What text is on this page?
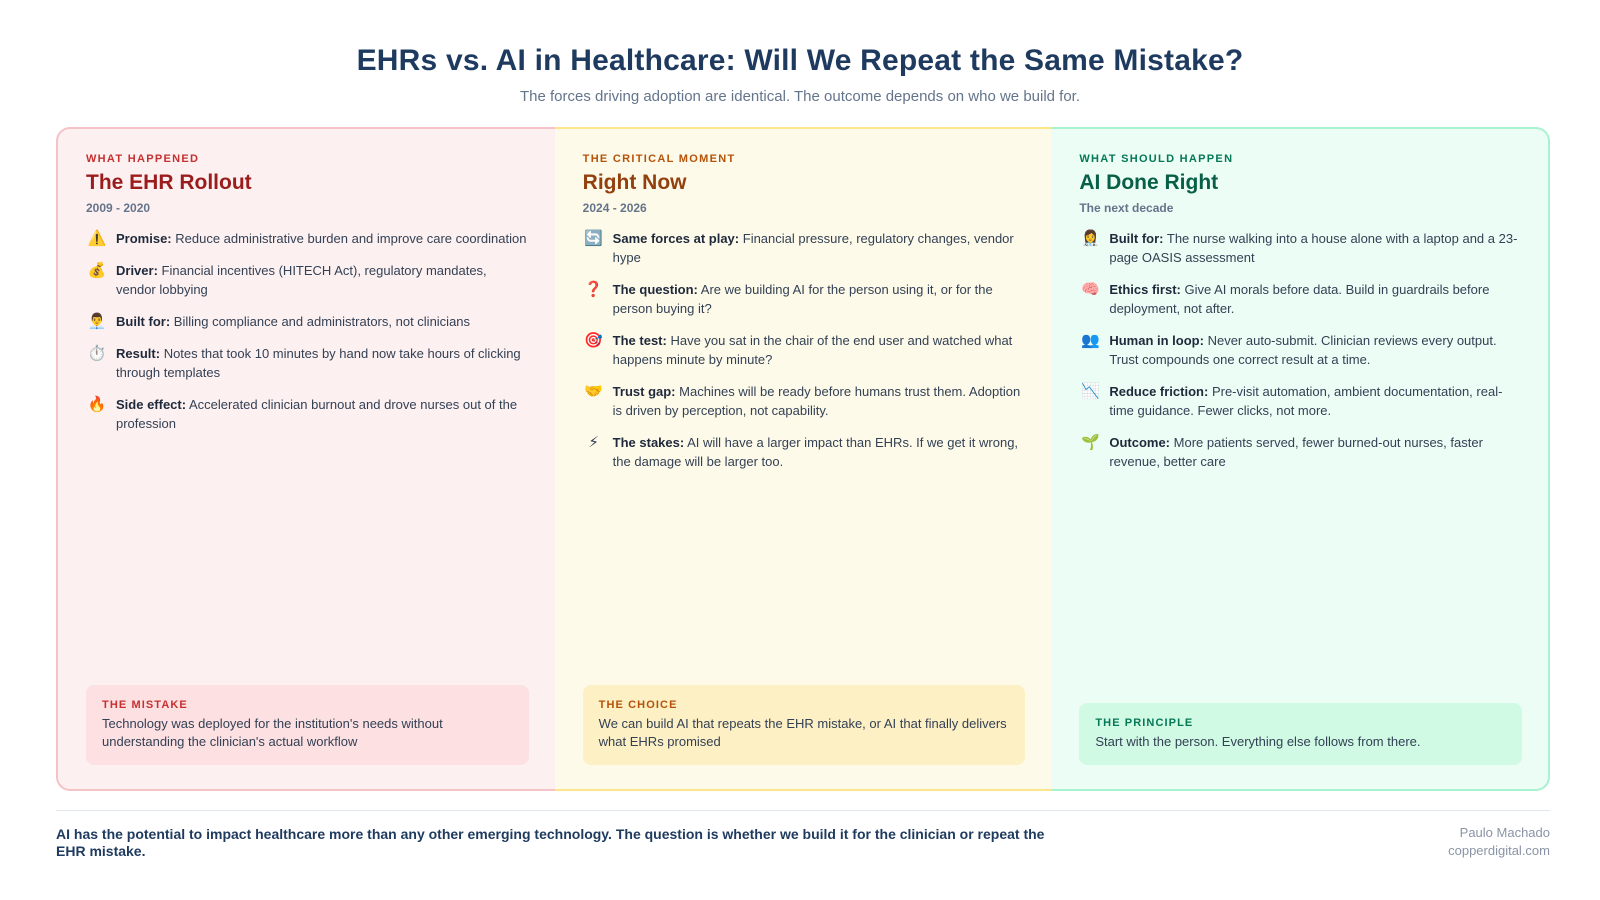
EHRs vs. AI in Healthcare: Will We Repeat the Same Mistake?
The forces driving adoption are identical. The outcome depends on who we build for.
WHAT HAPPENED
The EHR Rollout
2009 - 2020
⚠️ Promise: Reduce administrative burden and improve care coordination
💰 Driver: Financial incentives (HITECH Act), regulatory mandates, vendor lobbying
👨‍💼 Built for: Billing compliance and administrators, not clinicians
⏱️ Result: Notes that took 10 minutes by hand now take hours of clicking through templates
🔥 Side effect: Accelerated clinician burnout and drove nurses out of the profession
THE MISTAKE
Technology was deployed for the institution's needs without understanding the clinician's actual workflow
THE CRITICAL MOMENT
Right Now
2024 - 2026
🔄 Same forces at play: Financial pressure, regulatory changes, vendor hype
❓ The question: Are we building AI for the person using it, or for the person buying it?
🎯 The test: Have you sat in the chair of the end user and watched what happens minute by minute?
🤝 Trust gap: Machines will be ready before humans trust them. Adoption is driven by perception, not capability.
⚡	The stakes: AI will have a larger impact than EHRs. If we get it wrong, the damage will be larger too.
THE CHOICE
We can build AI that repeats the EHR mistake, or AI that finally delivers what EHRs promised
WHAT SHOULD HAPPEN
AI Done Right
The next decade
👩‍⚕️ Built for: The nurse walking into a house alone with a laptop and a 23-page OASIS assessment
🧠 Ethics first: Give AI morals before data. Build in guardrails before deployment, not after.
👥 Human in loop: Never auto-submit. Clinician reviews every output. Trust compounds one correct result at a time.
📉 Reduce friction: Pre-visit automation, ambient documentation, real-time guidance. Fewer clicks, not more.
🌱 Outcome: More patients served, fewer burned-out nurses, faster revenue, better care
THE PRINCIPLE
Start with the person. Everything else follows from there.
AI has the potential to impact healthcare more than any other emerging technology. The question is whether we build it for the clinician or repeat the EHR mistake.
Paulo Machado
copperdigital.com
